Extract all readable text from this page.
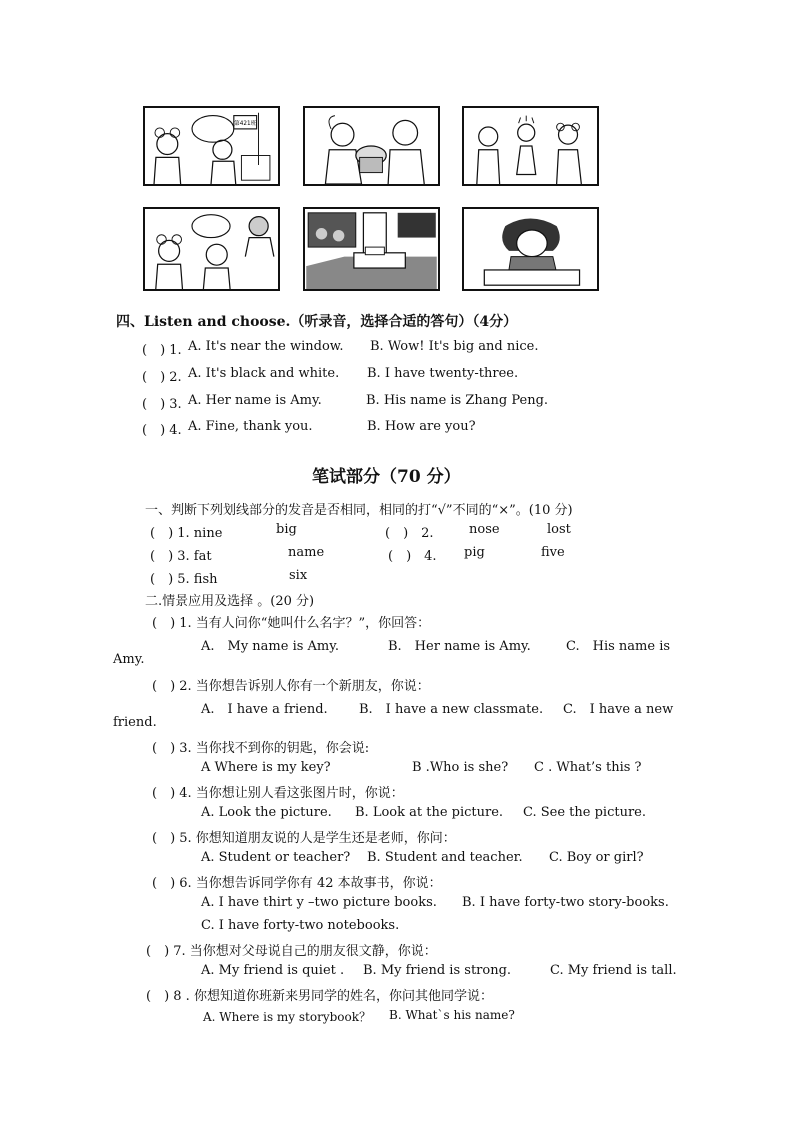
第421班
四、Listen and choose.（听录音，选择合适的答句）（4分）
(　) 1. A. It's near the window. B. Wow! It's big and nice.
(　) 2. A. It's black and white. B. I have twenty-three.
(　) 3. A. Her name is Amy.	B. His name is Zhang Peng.
(　) 4. A. Fine, thank you.	B. How are you?
笔试部分（70 分）
一、判断下列划线部分的发音是否相同，相同的打“√”不同的“×”。(10 分)
(　) 1. nine	big	(　)　2.	nose	lost
(　) 3. fat	name	(　)　4. pig	five
(　) 5. fish	six
二.情景应用及选择 。(20 分)
(　) 1. 当有人问你“她叫什么名字？”，你回答：
A.　My name is Amy.	B.　Her name is Amy.	C.　His name is
Amy.
(　) 2. 当你想告诉别人你有一个新朋友，你说：
A.　I have a friend. B.　I have a new classmate. C.　I have a new
friend.
(　) 3. 当你找不到你的钥匙，你会说:
A Where is my key?	B .Who is she? C . What’s this ?
(　) 4. 当你想让别人看这张图片时，你说：
A. Look the picture. B. Look at the picture. C. See the picture.
(　) 5. 你想知道朋友说的人是学生还是老师，你问：
A. Student or teacher? B. Student and teacher. C. Boy or girl?
(　) 6. 当你想告诉同学你有 42 本故事书，你说：
A. I have thirt y –two picture books. B. I have forty-two story-books.
C. I have forty-two notebooks.
(　) 7. 当你想对父母说自己的朋友很文静，你说：
A. My friend is quiet . B. My friend is strong.	C. My friend is tall.
(　) 8 . 你想知道你班新来男同学的姓名，你问其他同学说：
A. Where is my storybook？ B. What`s his name?
